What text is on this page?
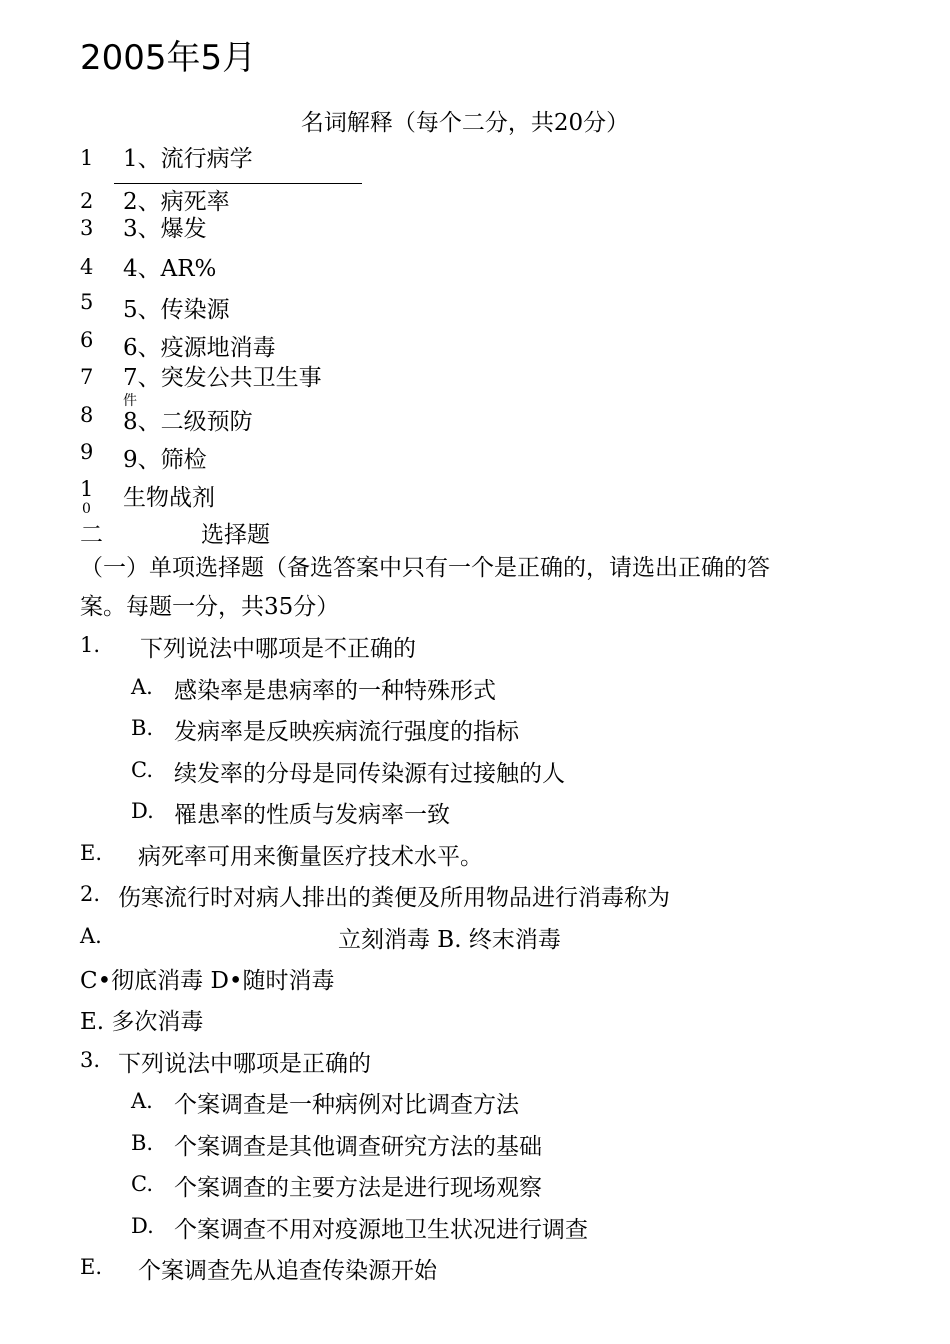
2005年5月
名词解释（每个二分，共20分）
1
2
3
4
5
6
7
8
9
1
0
1、流行病学
2、病死率
3、爆发
4、AR%
5、传染源
6、疫源地消毒
7、突发公共卫生事
件
8、二级预防
9、筛检
生物战剂
二	选择题
（一）单项选择题（备选答案中只有一个是正确的，请选出正确的答
案。每题一分，共35分）
1. 下列说法中哪项是不正确的
A. 感染率是患病率的一种特殊形式
B. 发病率是反映疾病流行强度的指标
C. 续发率的分母是同传染源有过接触的人
D. 罹患率的性质与发病率一致
E. 病死率可用来衡量医疗技术水平。
2. 伤寒流行时对病人排出的粪便及所用物品进行消毒称为
A.	立刻消毒 B. 终末消毒
C•彻底消毒 D•随时消毒
E. 多次消毒
3. 下列说法中哪项是正确的
A. 个案调查是一种病例对比调查方法
B. 个案调查是其他调查研究方法的基础
C. 个案调查的主要方法是进行现场观察
D. 个案调查不用对疫源地卫生状况进行调查
E. 个案调查先从追查传染源开始
